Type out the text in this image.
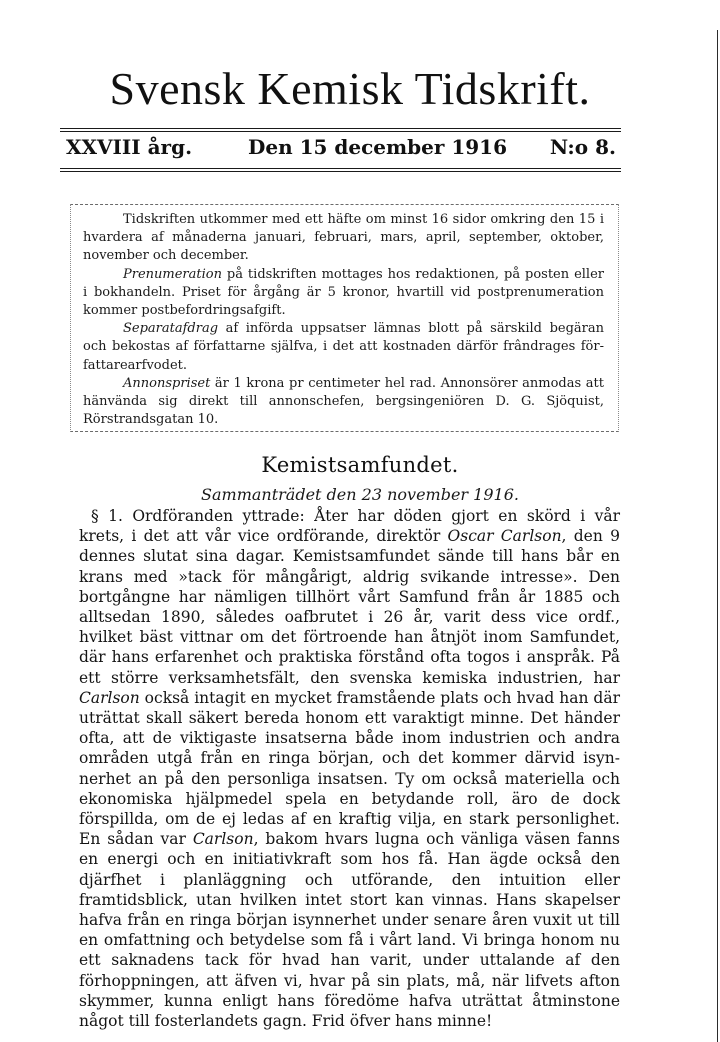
Svensk Kemisk Tidskrift.
XXVIII årg.	Den 15 december 1916 N:o 8.

Tidskriften utkommer med ett häfte om minst 16 sidor omkring den 15 i hvardera af månaderna januari, februari, mars, april, september, oktober, november och december.

Prenumeration på tidskriften mottages hos redaktionen, på posten eller i bokhandeln. Priset för årgång är 5 kronor, hvartill vid postprenumeration kommer postbefordringsafgift.

Separatafdrag af införda uppsatser lämnas blott på särskild begäran och bekostas af författarne själfva, i det att kostnaden därför frândrages författarearfvodet.

Annonspriset är 1 krona pr centimeter hel rad. Annonsörer anmodas att hänvända sig direkt till annonschefen, bergsingeniören D. G. Sjöquist, Rörstrandsgatan 10.

Kemistsamfundet.
Sammanträdet den 23 november 1916.

§ 1. Ordföranden yttrade: Åter har döden gjort en skörd i vår krets, i det att vår vice ordförande, direktör Oscar Carlson, den 9 dennes slutat sina dagar. Kemistsamfundet sände till hans bår en krans med »tack för mångårigt, aldrig svikande intresse». Den bortgångne har nämligen tillhört vårt Samfund från år 1885 och alltsedan 1890, således oafbrutet i 26 år, varit dess vice ordf., hvilket bäst vittnar om det förtroende han åtnjöt inom Samfundet, där hans erfarenhet och praktiska förstånd ofta togos i anspråk. På ett större verksamhetsfält, den svenska kemiska industrien, har Carlson också intagit en mycket framstående plats och hvad han där uträttat skall säkert bereda honom ett varaktigt minne. Det händer ofta, att de viktigaste insatserna både inom industrien och andra områden utgå från en ringa början, och det kommer därvid isynnerhet an på den personliga insatsen. Ty om också materiella och ekonomiska hjälpmedel spela en betydande roll, äro de dock förspillda, om de ej ledas af en kraftig vilja, en stark personlighet. En sådan var Carlson, bakom hvars lugna och vänliga väsen fanns en energi och en initiativkraft som hos få. Han ägde också den djärfhet i planläggning och utförande, den intuition eller framtidsblick, utan hvilken intet stort kan vinnas. Hans skapelser hafva från en ringa början isynnerhet under senare åren vuxit ut till en omfattning och betydelse som få i vårt land. Vi bringa honom nu ett saknadens tack för hvad han varit, under uttalande af den förhoppningen, att äfven vi, hvar på sin plats, må, när lifvets afton skymmer, kunna enligt hans föredöme hafva uträttat åtminstone något till fosterlandets gagn. Frid öfver hans minne!
